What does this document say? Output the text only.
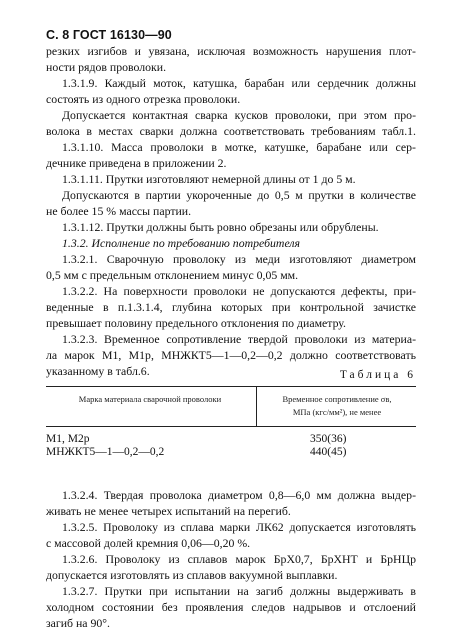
С. 8 ГОСТ 16130—90
резких изгибов и увязана, исключая возможность нарушения плот-
ности рядов проволоки.
1.3.1.9. Каждый моток, катушка, барабан или сердечник должны
состоять из одного отрезка проволоки.
Допускается контактная сварка кусков проволоки, при этом про-
волока в местах сварки должна соответствовать требованиям табл.1.
1.3.1.10. Масса проволоки в мотке, катушке, барабане или сер-
дечнике приведена в приложении 2.
1.3.1.11. Прутки изготовляют немерной длины от 1 до 5 м.
Допускаются в партии укороченные до 0,5 м прутки в количестве
не более 15 % массы партии.
1.3.1.12. Прутки должны быть ровно обрезаны или обрублены.
1.3.2. Исполнение по требованию потребителя
1.3.2.1. Сварочную проволоку из меди изготовляют диаметром
0,5 мм с предельным отклонением минус 0,05 мм.
1.3.2.2. На поверхности проволоки не допускаются дефекты, при-
веденные в п.1.3.1.4, глубина которых при контрольной зачистке
превышает половину предельного отклонения по диаметру.
1.3.2.3. Временное сопротивление твердой проволоки из материа-
ла марок М1, М1р, МНЖКТ5—1—0,2—0,2 должно соответствовать
указанному в табл.6.	Таблица 6
Марка материала сварочной проволоки	Временное сопротивление σв,
МПа (кгс/мм²), не менее
М1, М2р	350(36)
МНЖКТ5—1—0,2—0,2	440(45)
1.3.2.4. Твердая проволока диаметром 0,8—6,0 мм должна выдер-
живать не менее четырех испытаний на перегиб.
1.3.2.5. Проволоку из сплава марки ЛК62 допускается изготовлять
с массовой долей кремния 0,06—0,20 %.
1.3.2.6. Проволоку из сплавов марок БрХ0,7, БрХНТ и БрНЦр
допускается изготовлять из сплавов вакуумной выплавки.
1.3.2.7. Прутки при испытании на загиб должны выдерживать в
холодном состоянии без проявления следов надрывов и отслоений
загиб на 90°.
